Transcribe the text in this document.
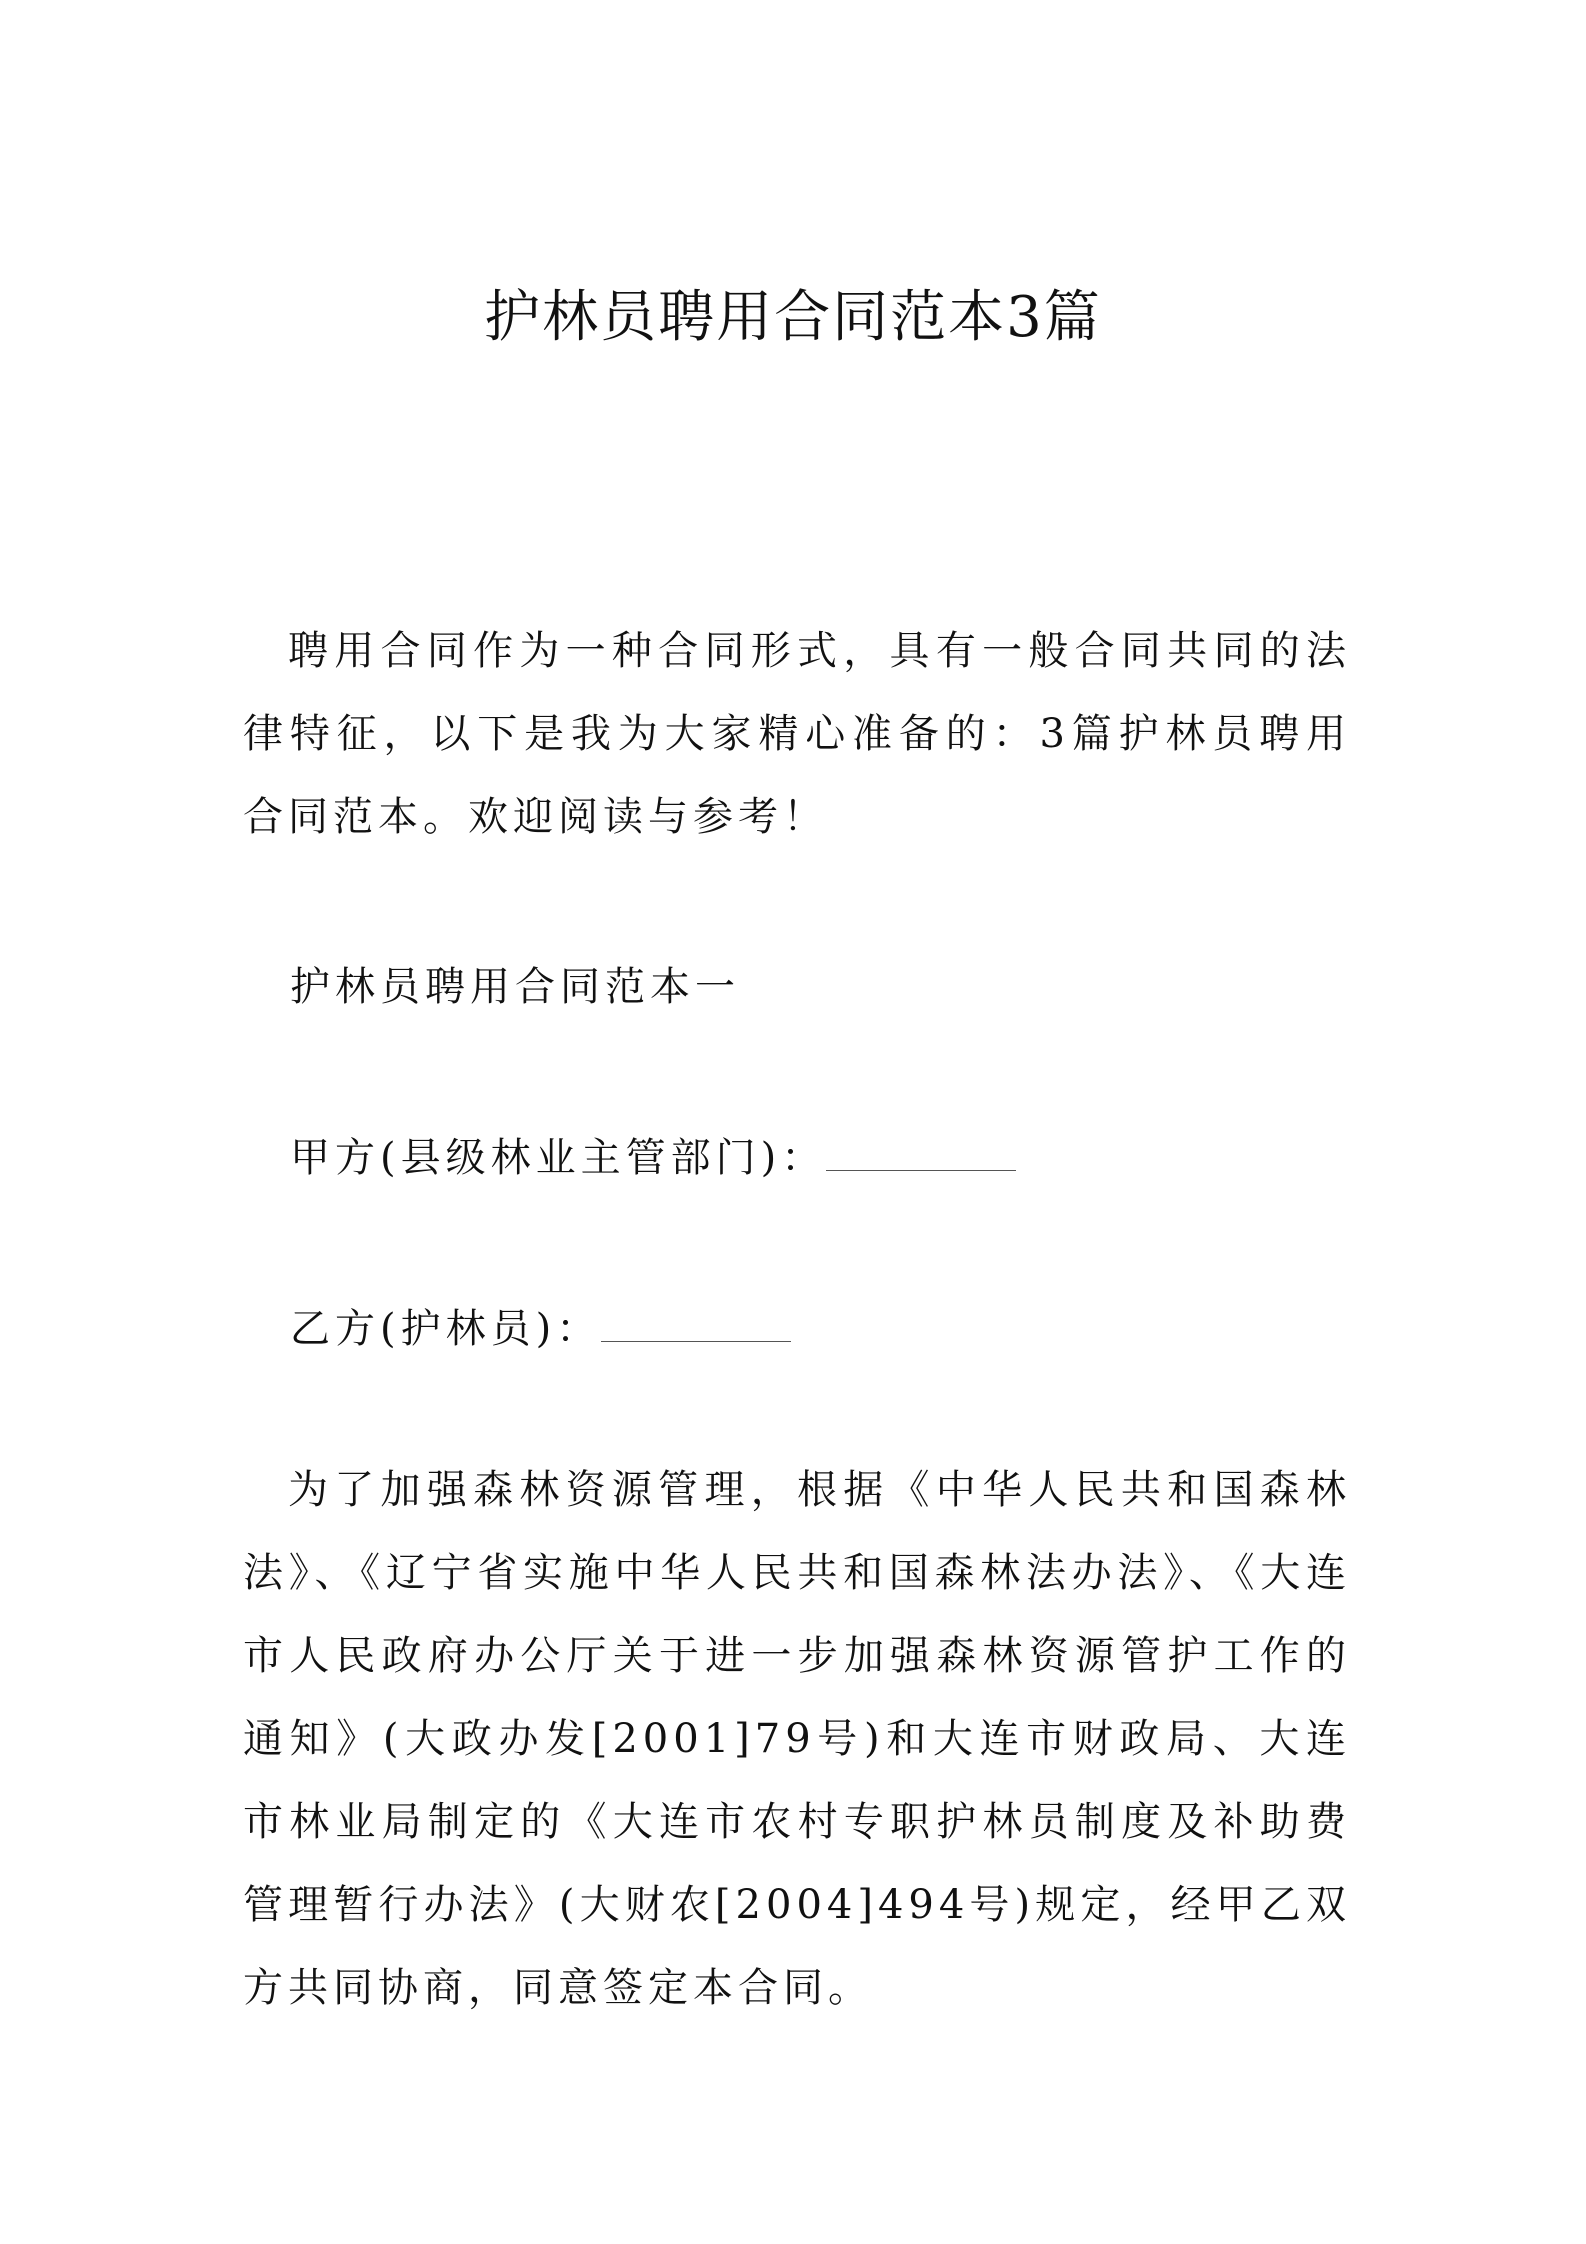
护林员聘用合同范本3篇

聘用合同作为一种合同形式，具有一般合同共同的法律特征，以下是我为大家精心准备的：3篇护林员聘用合同范本。欢迎阅读与参考！

护林员聘用合同范本一
甲方(县级林业主管部门)：
乙方(护林员)：

为了加强森林资源管理，根据《中华人民共和国森林法》、《辽宁省实施中华人民共和国森林法办法》、《大连市人民政府办公厅关于进一步加强森林资源管护工作的通知》(大政办发[2001]79号)和大连市财政局、大连市林业局制定的《大连市农村专职护林员制度及补助费管理暂行办法》(大财农[2004]494号)规定，经甲乙双方共同协商，同意签定本合同。
